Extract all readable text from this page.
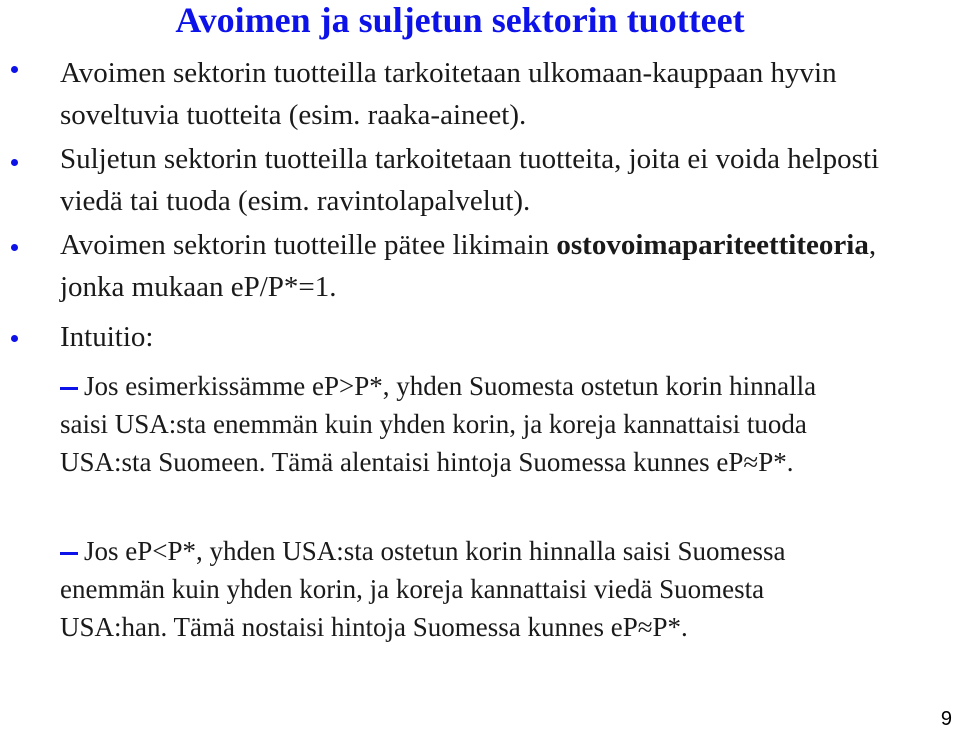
Avoimen ja suljetun sektorin tuotteet
Avoimen sektorin tuotteilla tarkoitetaan ulkomaan-kauppaan hyvin soveltuvia tuotteita (esim. raaka-aineet).
Suljetun sektorin tuotteilla tarkoitetaan tuotteita, joita ei voida helposti viedä tai tuoda (esim. ravintolapalvelut).
Avoimen sektorin tuotteille pätee likimain ostovoimapariteettiteoria, jonka mukaan eP/P*=1.
Intuitio:
Jos esimerkissämme eP>P*, yhden Suomesta ostetun korin hinnalla saisi USA:sta enemmän kuin yhden korin, ja koreja kannattaisi tuoda USA:sta Suomeen. Tämä alentaisi hintoja Suomessa kunnes eP≈P*.
Jos eP<P*, yhden USA:sta ostetun korin hinnalla saisi Suomessa enemmän kuin yhden korin, ja koreja kannattaisi viedä Suomesta USA:han. Tämä nostaisi hintoja Suomessa kunnes eP≈P*.
9
